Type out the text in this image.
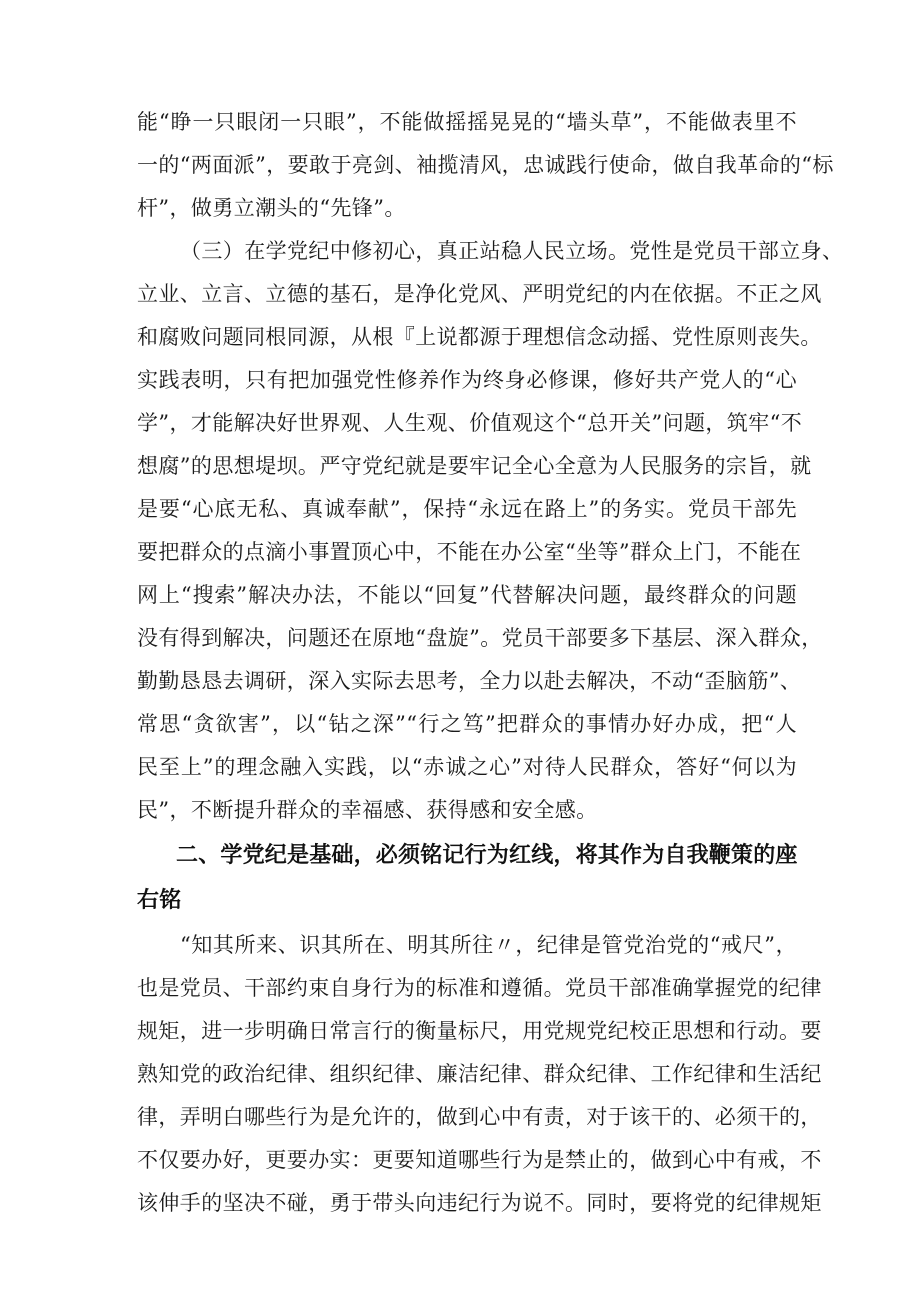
能“睁一只眼闭一只眼”，不能做摇摇晃晃的“墙头草”，不能做表里不

一的“两面派”，要敢于亮剑、袖揽清风，忠诚践行使命，做自我革命的“标

杆”，做勇立潮头的“先锋”。

（三）在学党纪中修初心，真正站稳人民立场。党性是党员干部立身、

立业、立言、立德的基石，是净化党风、严明党纪的内在依据。不正之风

和腐败问题同根同源，从根『上说都源于理想信念动摇、党性原则丧失。

实践表明，只有把加强党性修养作为终身必修课，修好共产党人的“心

学”，才能解决好世界观、人生观、价值观这个“总开关”问题，筑牢“不

想腐”的思想堤坝。严守党纪就是要牢记全心全意为人民服务的宗旨，就

是要“心底无私、真诚奉献”，保持“永远在路上”的务实。党员干部先

要把群众的点滴小事置顶心中，不能在办公室“坐等”群众上门，不能在

网上“搜索”解决办法，不能以“回复”代替解决问题，最终群众的问题

没有得到解决，问题还在原地“盘旋”。党员干部要多下基层、深入群众，

勤勤恳恳去调研，深入实际去思考，全力以赴去解决，不动“歪脑筋”、

常思“贪欲害”，以“钻之深”“行之笃”把群众的事情办好办成，把“人

民至上”的理念融入实践，以“赤诚之心”对待人民群众，答好“何以为

民”，不断提升群众的幸福感、获得感和安全感。

二、学党纪是基础，必须铭记行为红线，将其作为自我鞭策的座
右铭

“知其所来、识其所在、明其所往〃，纪律是管党治党的“戒尺”，

也是党员、干部约束自身行为的标准和遵循。党员干部准确掌握党的纪律

规矩，进一步明确日常言行的衡量标尺，用党规党纪校正思想和行动。要

熟知党的政治纪律、组织纪律、廉洁纪律、群众纪律、工作纪律和生活纪

律，弄明白哪些行为是允许的，做到心中有责，对于该干的、必须干的，

不仅要办好，更要办实：更要知道哪些行为是禁止的，做到心中有戒，不

该伸手的坚决不碰，勇于带头向违纪行为说不。同时，要将党的纪律规矩
